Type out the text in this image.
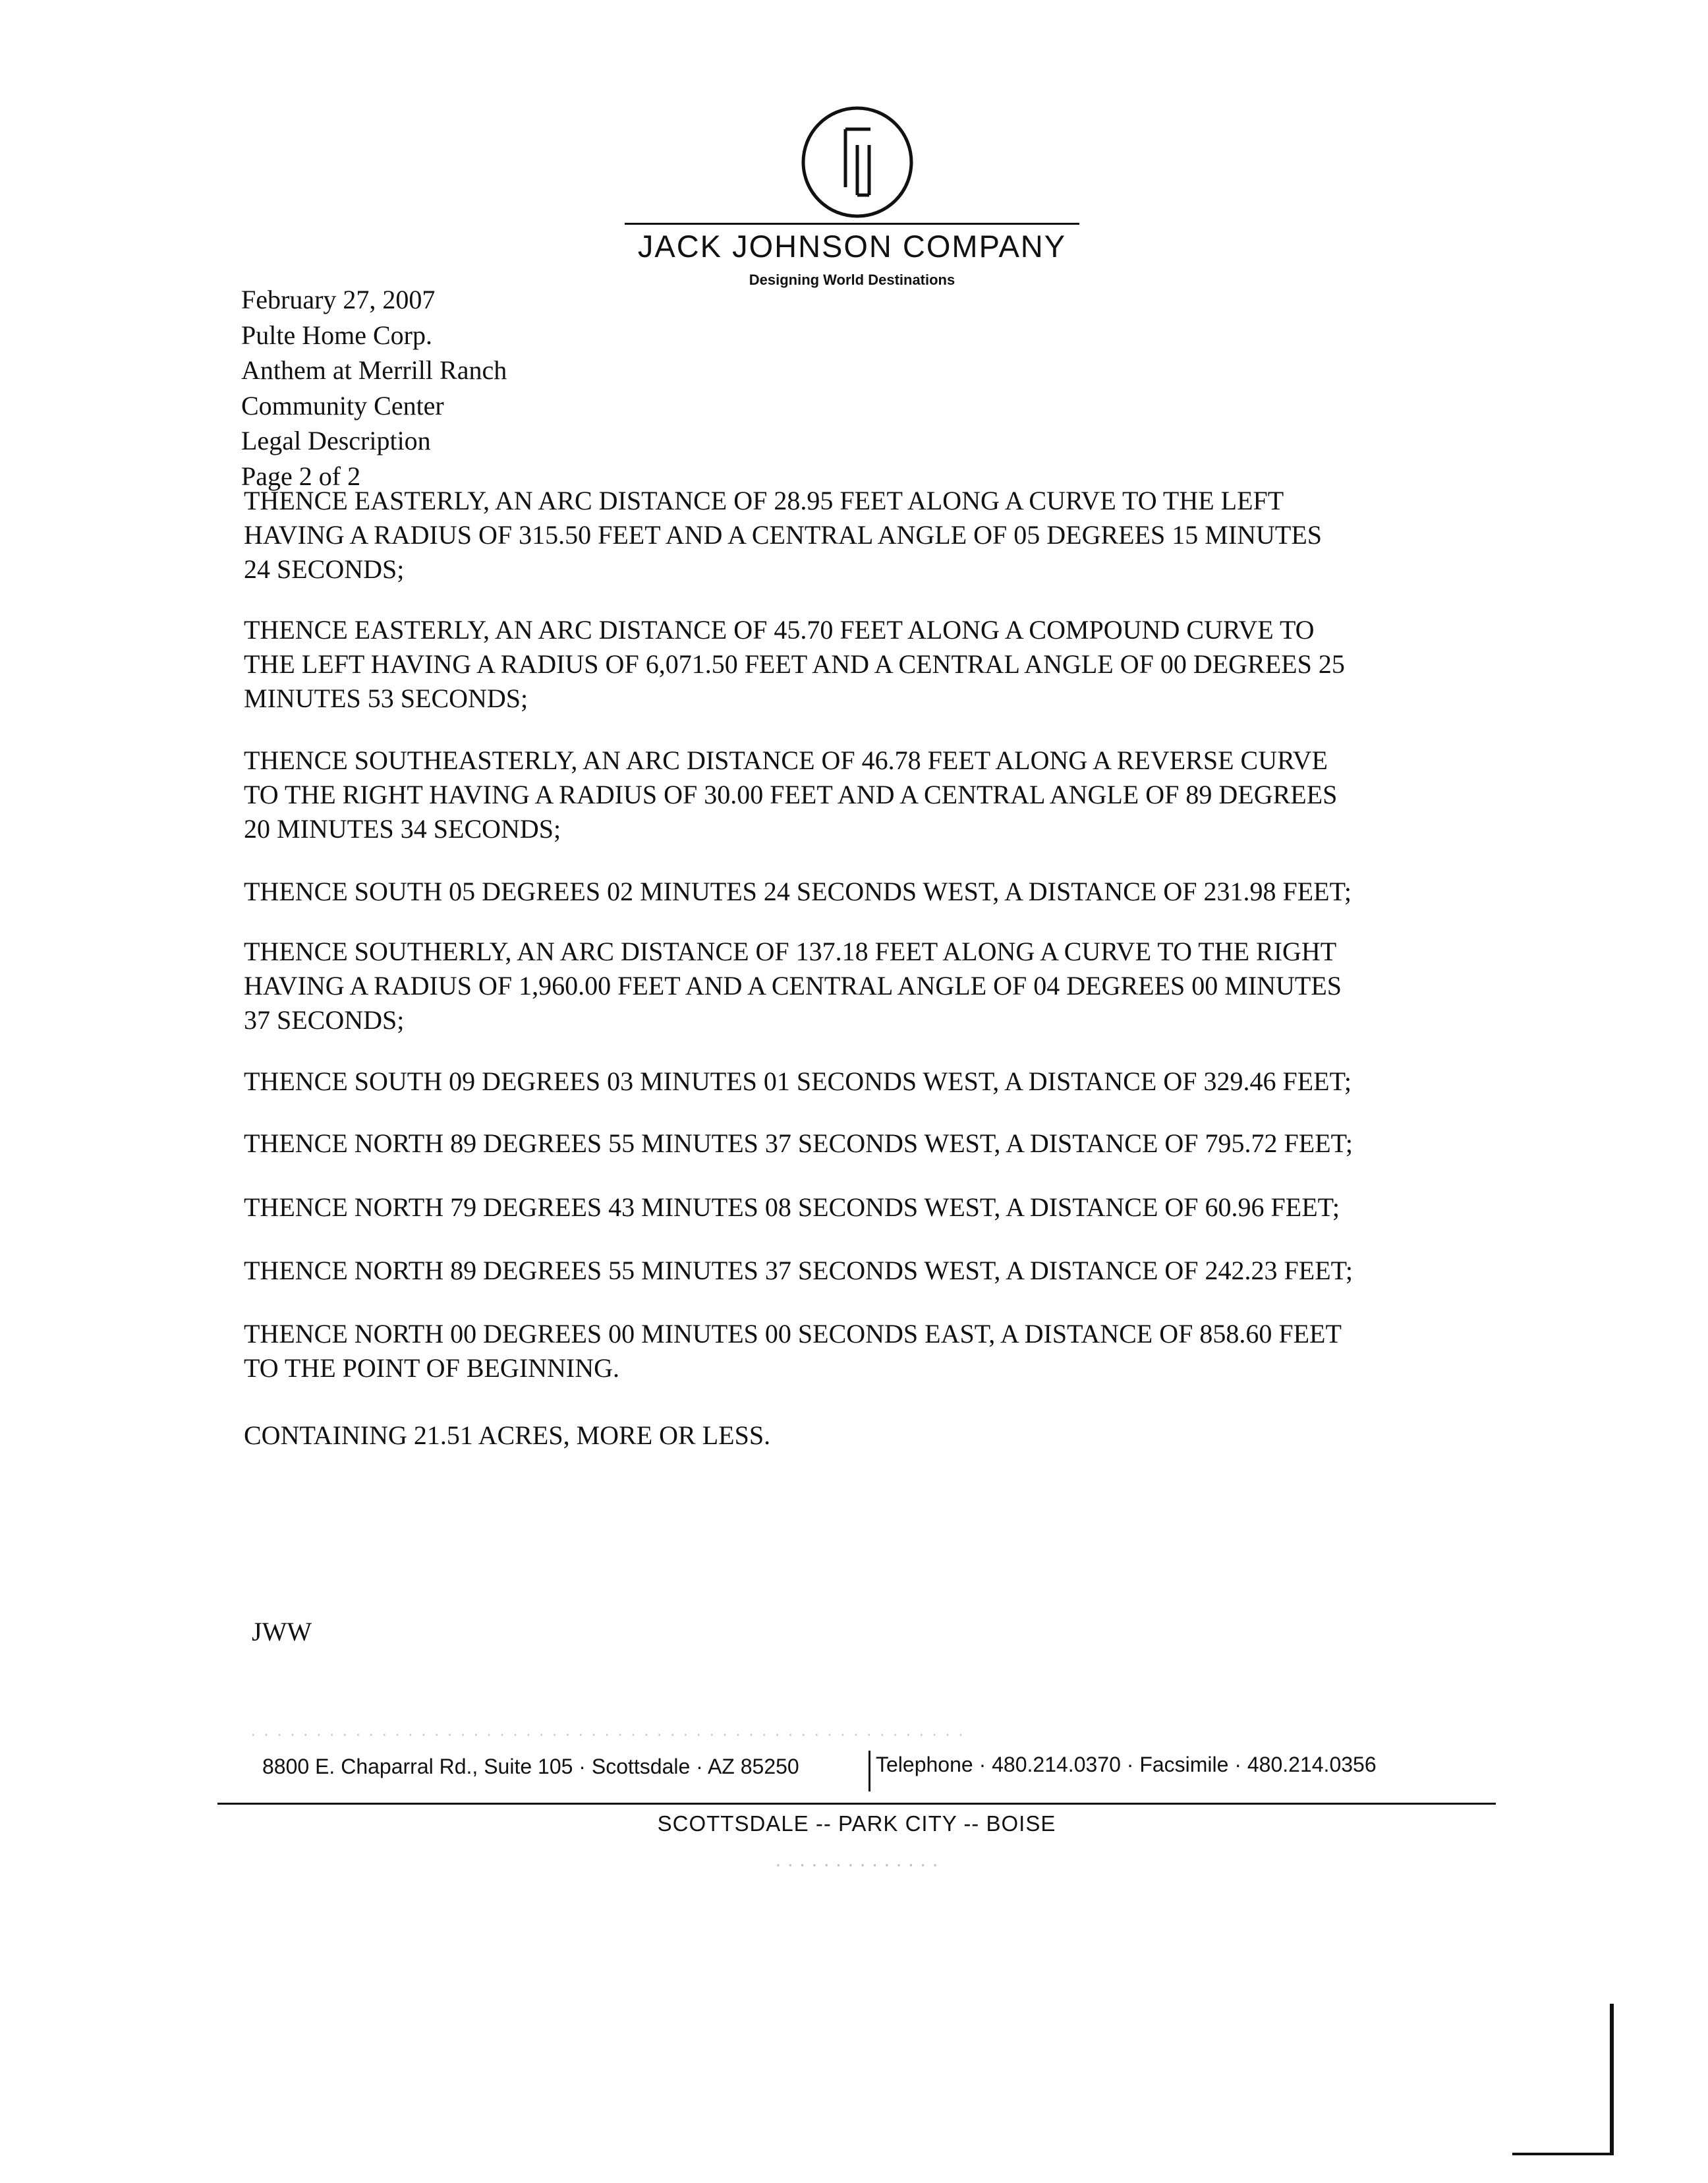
JACK JOHNSON COMPANY
Designing World Destinations
February 27, 2007
Pulte Home Corp.
Anthem at Merrill Ranch
Community Center
Legal Description
Page 2 of 2
THENCE EASTERLY, AN ARC DISTANCE OF 28.95 FEET ALONG A CURVE TO THE LEFT
HAVING A RADIUS OF 315.50 FEET AND A CENTRAL ANGLE OF 05 DEGREES 15 MINUTES
24 SECONDS;
THENCE EASTERLY, AN ARC DISTANCE OF 45.70 FEET ALONG A COMPOUND CURVE TO
THE LEFT HAVING A RADIUS OF 6,071.50 FEET AND A CENTRAL ANGLE OF 00 DEGREES 25
MINUTES 53 SECONDS;
THENCE SOUTHEASTERLY, AN ARC DISTANCE OF 46.78 FEET ALONG A REVERSE CURVE
TO THE RIGHT HAVING A RADIUS OF 30.00 FEET AND A CENTRAL ANGLE OF 89 DEGREES
20 MINUTES 34 SECONDS;
THENCE SOUTH 05 DEGREES 02 MINUTES 24 SECONDS WEST, A DISTANCE OF 231.98 FEET;
THENCE SOUTHERLY, AN ARC DISTANCE OF 137.18 FEET ALONG A CURVE TO THE RIGHT
HAVING A RADIUS OF 1,960.00 FEET AND A CENTRAL ANGLE OF 04 DEGREES 00 MINUTES
37 SECONDS;
THENCE SOUTH 09 DEGREES 03 MINUTES 01 SECONDS WEST, A DISTANCE OF 329.46 FEET;
THENCE NORTH 89 DEGREES 55 MINUTES 37 SECONDS WEST, A DISTANCE OF 795.72 FEET;
THENCE NORTH 79 DEGREES 43 MINUTES 08 SECONDS WEST, A DISTANCE OF 60.96 FEET;
THENCE NORTH 89 DEGREES 55 MINUTES 37 SECONDS WEST, A DISTANCE OF 242.23 FEET;
THENCE NORTH 00 DEGREES 00 MINUTES 00 SECONDS EAST, A DISTANCE OF 858.60 FEET
TO THE POINT OF BEGINNING.
CONTAINING 21.51 ACRES, MORE OR LESS.
JWW
· · · · · · · · · · · · · · · · · · · · · · · · · · · · · · · · · · · · · · · · · · · · · · · · · · · · · · ·
8800 E. Chaparral Rd., Suite 105 · Scottsdale · AZ 85250	Telephone · 480.214.0370 · Facsimile · 480.214.0356
SCOTTSDALE -- PARK CITY -- BOISE
· · · · · · · · · · · · · ·
